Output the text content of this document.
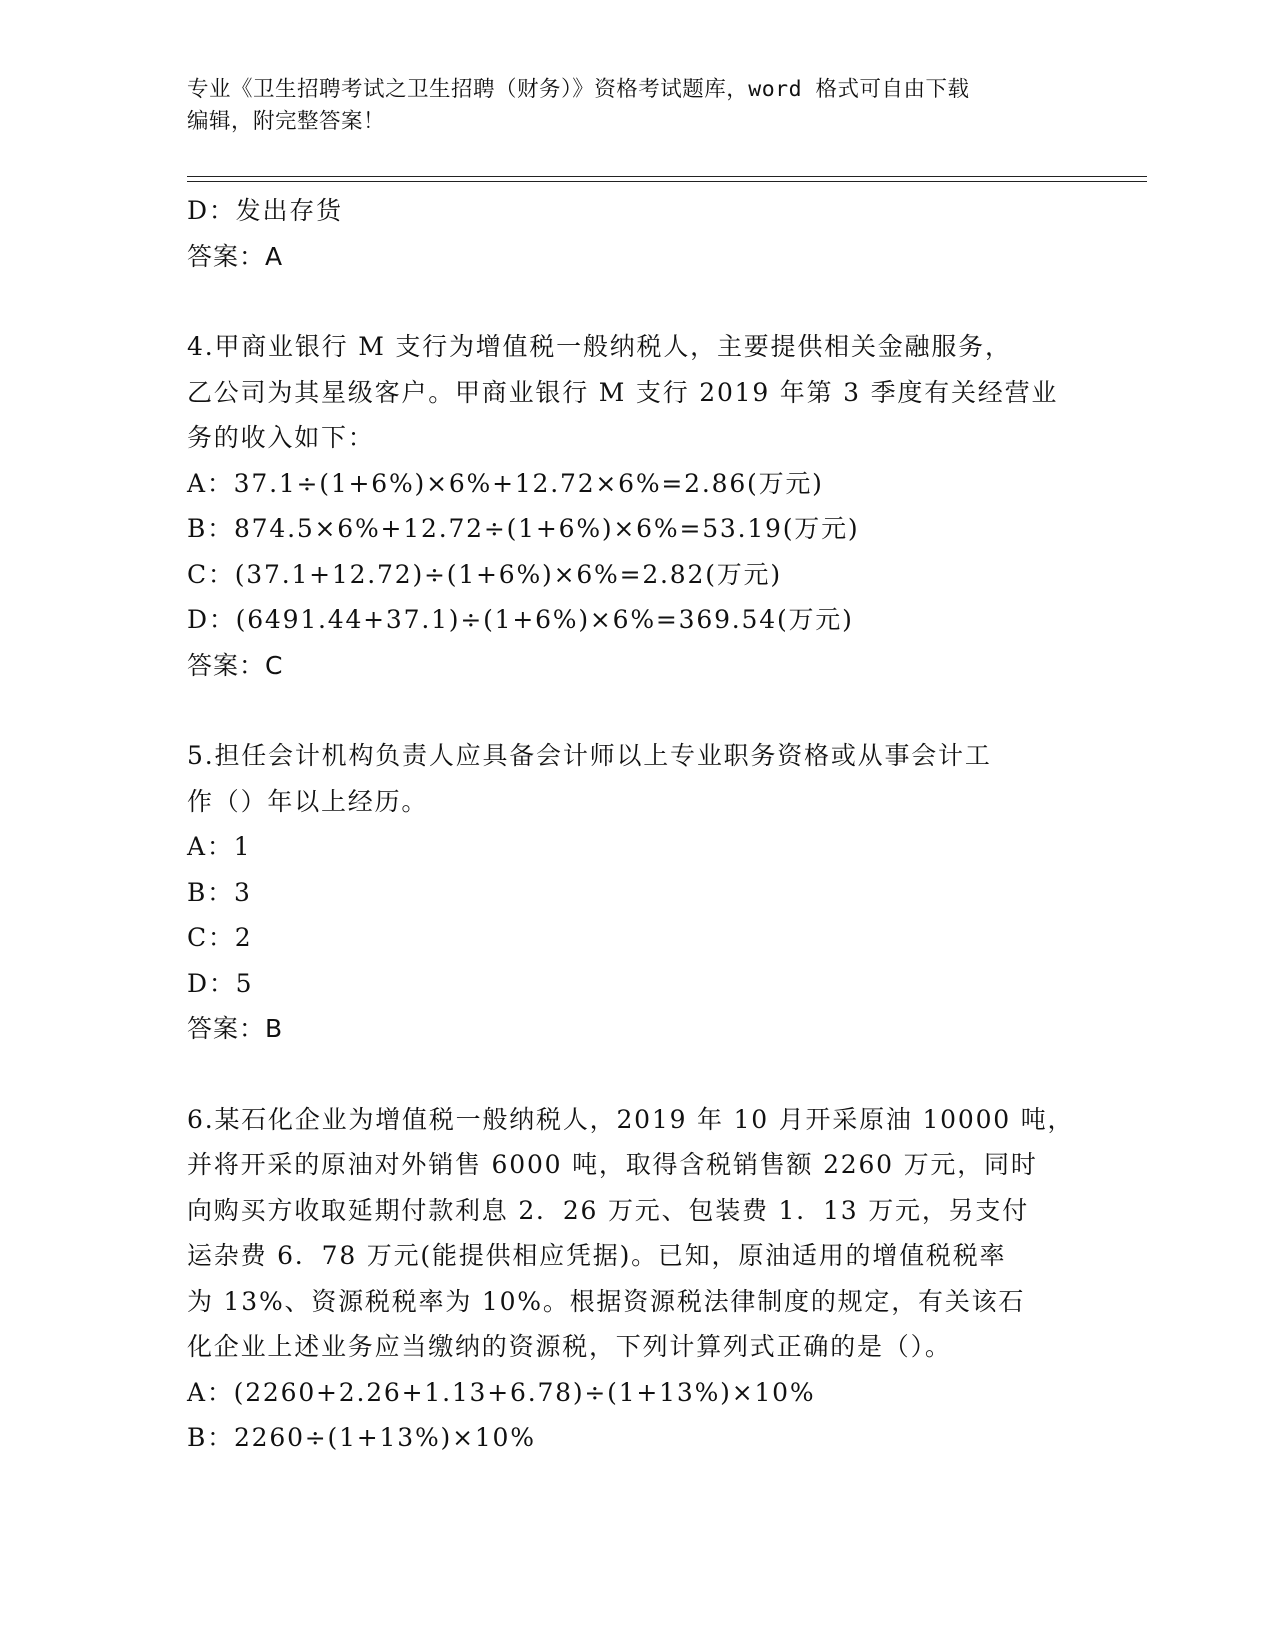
专业《卫生招聘考试之卫生招聘（财务）》资格考试题库，word 格式可自由下载
编辑，附完整答案！
D：发出存货
答案：A
4.甲商业银行 M 支行为增值税一般纳税人，主要提供相关金融服务，
乙公司为其星级客户。甲商业银行 M 支行 2019 年第 3 季度有关经营业
务的收入如下：
A：37.1÷(1+6%)×6%+12.72×6%=2.86(万元)
B：874.5×6%+12.72÷(1+6%)×6%=53.19(万元)
C：(37.1+12.72)÷(1+6%)×6%=2.82(万元)
D：(6491.44+37.1)÷(1+6%)×6%=369.54(万元)
答案：C
5.担任会计机构负责人应具备会计师以上专业职务资格或从事会计工
作（）年以上经历。
A：1
B：3
C：2
D：5
答案：B
6.某石化企业为增值税一般纳税人，2019 年 10 月开采原油 10000 吨，
并将开采的原油对外销售 6000 吨，取得含税销售额 2260 万元，同时
向购买方收取延期付款利息 2．26 万元、包装费 1．13 万元，另支付
运杂费 6．78 万元(能提供相应凭据)。已知，原油适用的增值税税率
为 13%、资源税税率为 10%。根据资源税法律制度的规定，有关该石
化企业上述业务应当缴纳的资源税，下列计算列式正确的是（）。
A：(2260+2.26+1.13+6.78)÷(1+13%)×10%
B：2260÷(1+13%)×10%
